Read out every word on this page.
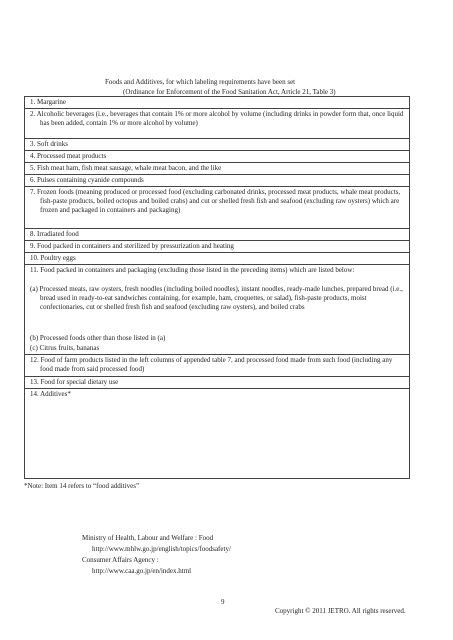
Foods and Additives, for which labeling requirements have been set
(Ordinance for Enforcement of the Food Sanitation Act, Article 21, Table 3)
1. Margarine
2. Alcoholic beverages (i.e., beverages that contain 1% or more alcohol by volume (including drinks in powder form that, once liquid has been added, contain 1% or more alcohol by volume)
3. Soft drinks
4. Processed meat products
5. Fish meat ham, fish meat sausage, whale meat bacon, and the like
6. Pulses containing cyanide compounds
7. Frozen foods (meaning produced or processed food (excluding carbonated drinks, processed meat products, whale meat products, fish-paste products, boiled octopus and boiled crabs) and cut or shelled fresh fish and seafood (excluding raw oysters) which are frozen and packaged in containers and packaging)
8. Irradiated food
9. Food packed in containers and sterilized by pressurization and heating
10. Poultry eggs
11. Food packed in containers and packaging (excluding those listed in the preceding items) which are listed below:
(a) Processed meats, raw oysters, fresh noodles (including boiled noodles), instant noodles, ready-made lunches, prepared bread (i.e., bread used in ready-to-eat sandwiches containing, for example, ham, croquettes, or salad), fish-paste products, moist confectionaries, cut or shelled fresh fish and seafood (excluding raw oysters), and boiled crabs
(b) Processed foods other than those listed in (a)
(c) Citrus fruits, bananas
12. Food of farm products listed in the left columns of appended table 7, and processed food made from such food (including any food made from said processed food)
13. Food for special dietary use
14. Additives*
*Note: Item 14 refers to “food additives”
Ministry of Health, Labour and Welfare : Food
http://www.mhlw.go.jp/english/topics/foodsafety/
Consumer Affairs Agency :
http://www.caa.go.jp/en/index.html
9
Copyright © 2011 JETRO. All rights reserved.
